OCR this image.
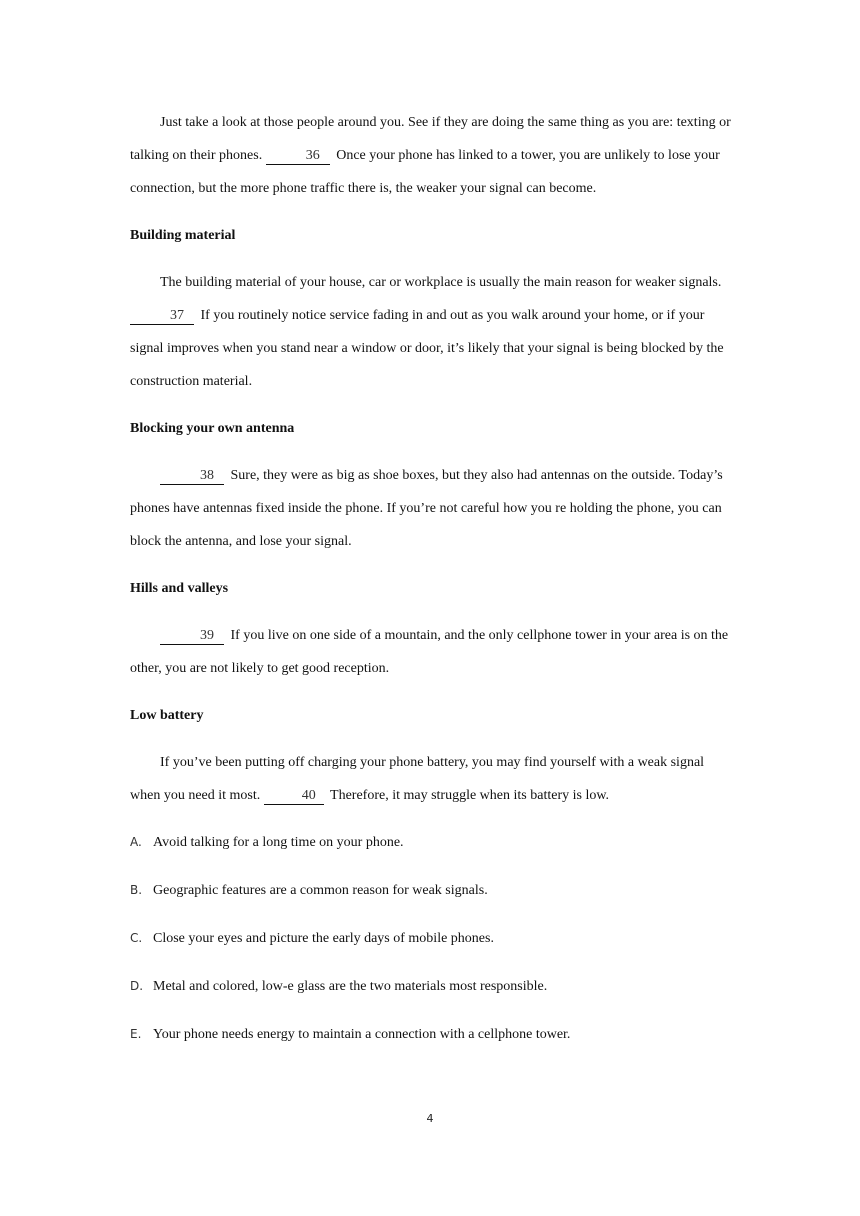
Just take a look at those people around you. See if they are doing the same thing as you are: texting or talking on their phones.	36 Once your phone has linked to a tower, you are unlikely to lose your connection, but the more phone traffic there is, the weaker your signal can become.

Building material

The building material of your house, car or workplace is usually the main reason for weaker signals. 37 If you routinely notice service fading in and out as you walk around your home, or if your signal improves when you stand near a window or door, it’s likely that your signal is being blocked by the construction material.

Blocking your own antenna

38 Sure, they were as big as shoe boxes, but they also had antennas on the outside. Today’s phones have antennas fixed inside the phone. If you’re not careful how you re holding the phone, you can block the antenna, and lose your signal.

Hills and valleys

39 If you live on one side of a mountain, and the only cellphone tower in your area is on the other, you are not likely to get good reception.

Low battery

If you’ve been putting off charging your phone battery, you may find yourself with a weak signal when you need it most.	40 Therefore, it may struggle when its battery is low.

A. Avoid talking for a long time on your phone.
B. Geographic features are a common reason for weak signals.
C. Close your eyes and picture the early days of mobile phones.
D. Metal and colored, low-e glass are the two materials most responsible.
E. Your phone needs energy to maintain a connection with a cellphone tower.
4
